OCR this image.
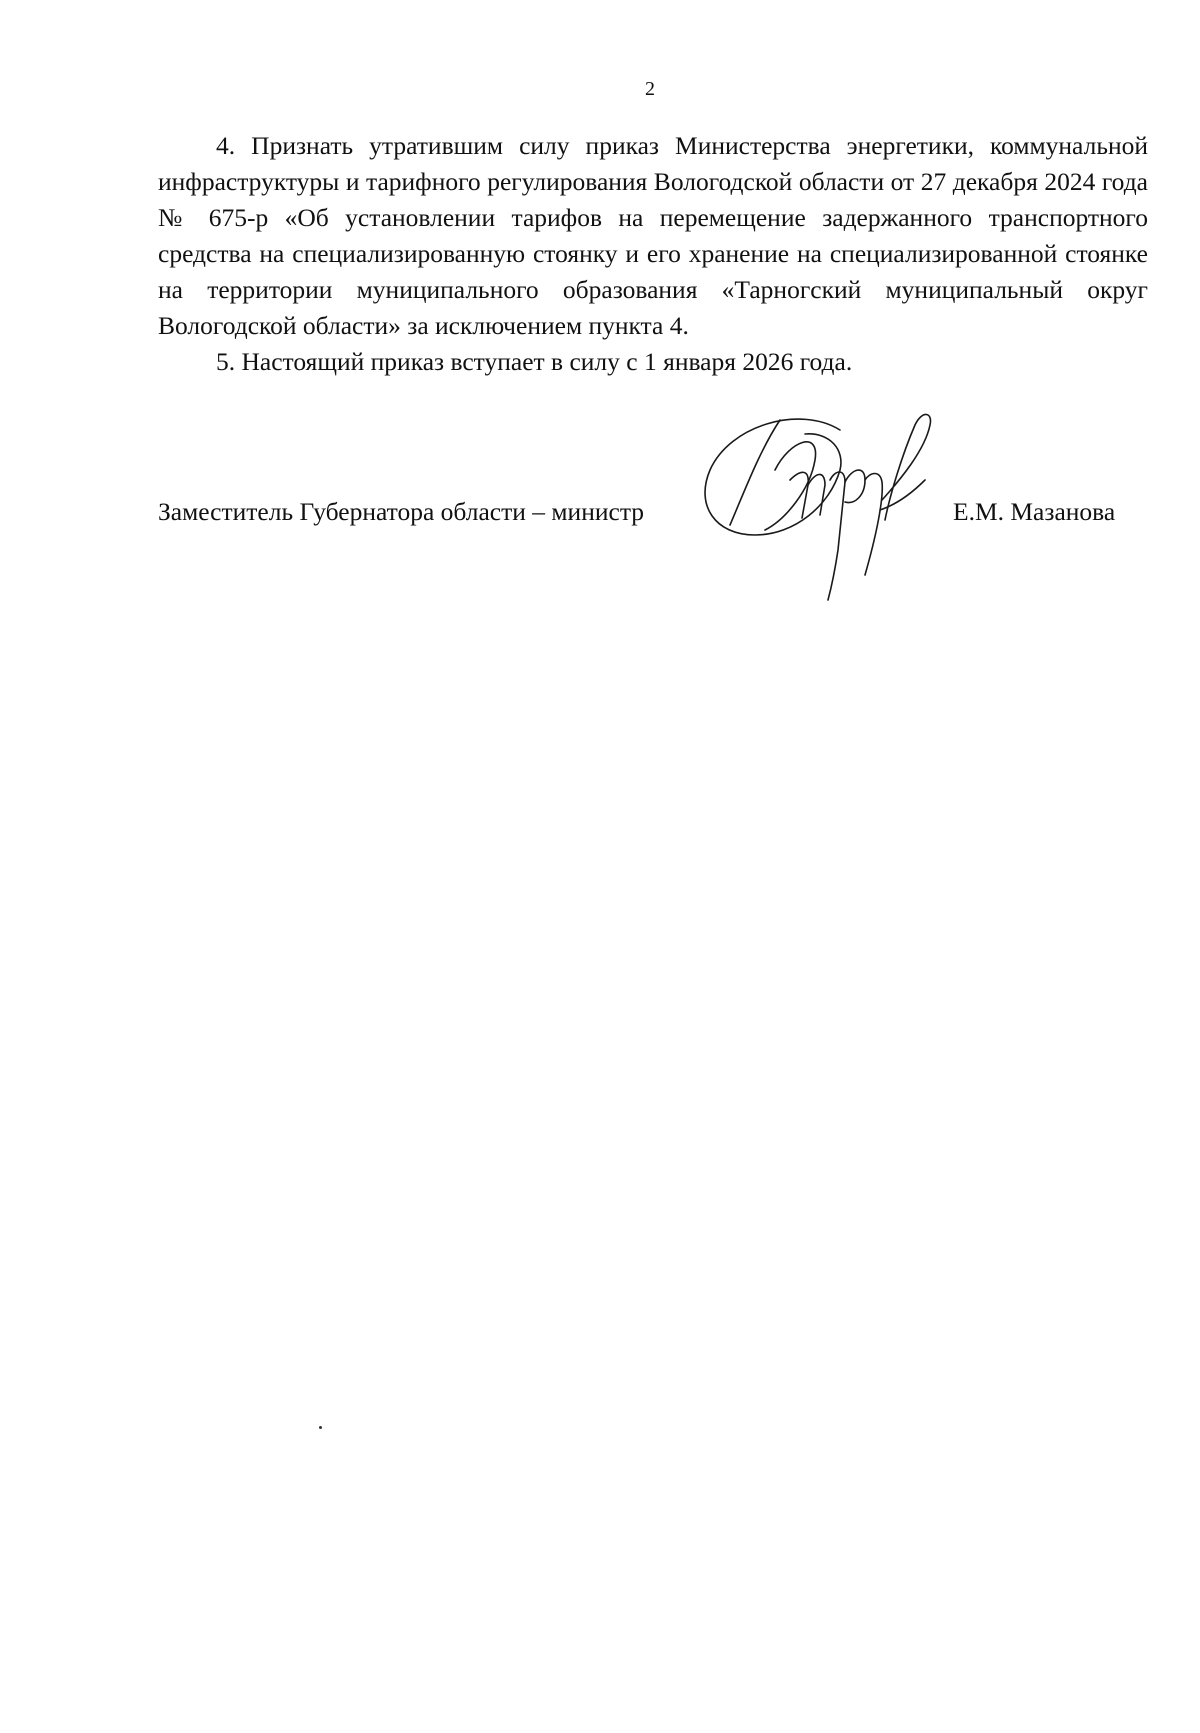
2

4. Признать утратившим силу приказ Министерства энергетики, коммунальной инфраструктуры и тарифного регулирования Вологодской области от 27 декабря 2024 года № 675-р «Об установлении тарифов на перемещение задержанного транспортного средства на специализированную стоянку и его хранение на специализированной стоянке на территории муниципального образования «Тарногский муниципальный округ Вологодской области» за исключением пункта 4.

5. Настоящий приказ вступает в силу с 1 января 2026 года.

Заместитель Губернатора области – министр	Е.М. Мазанова
